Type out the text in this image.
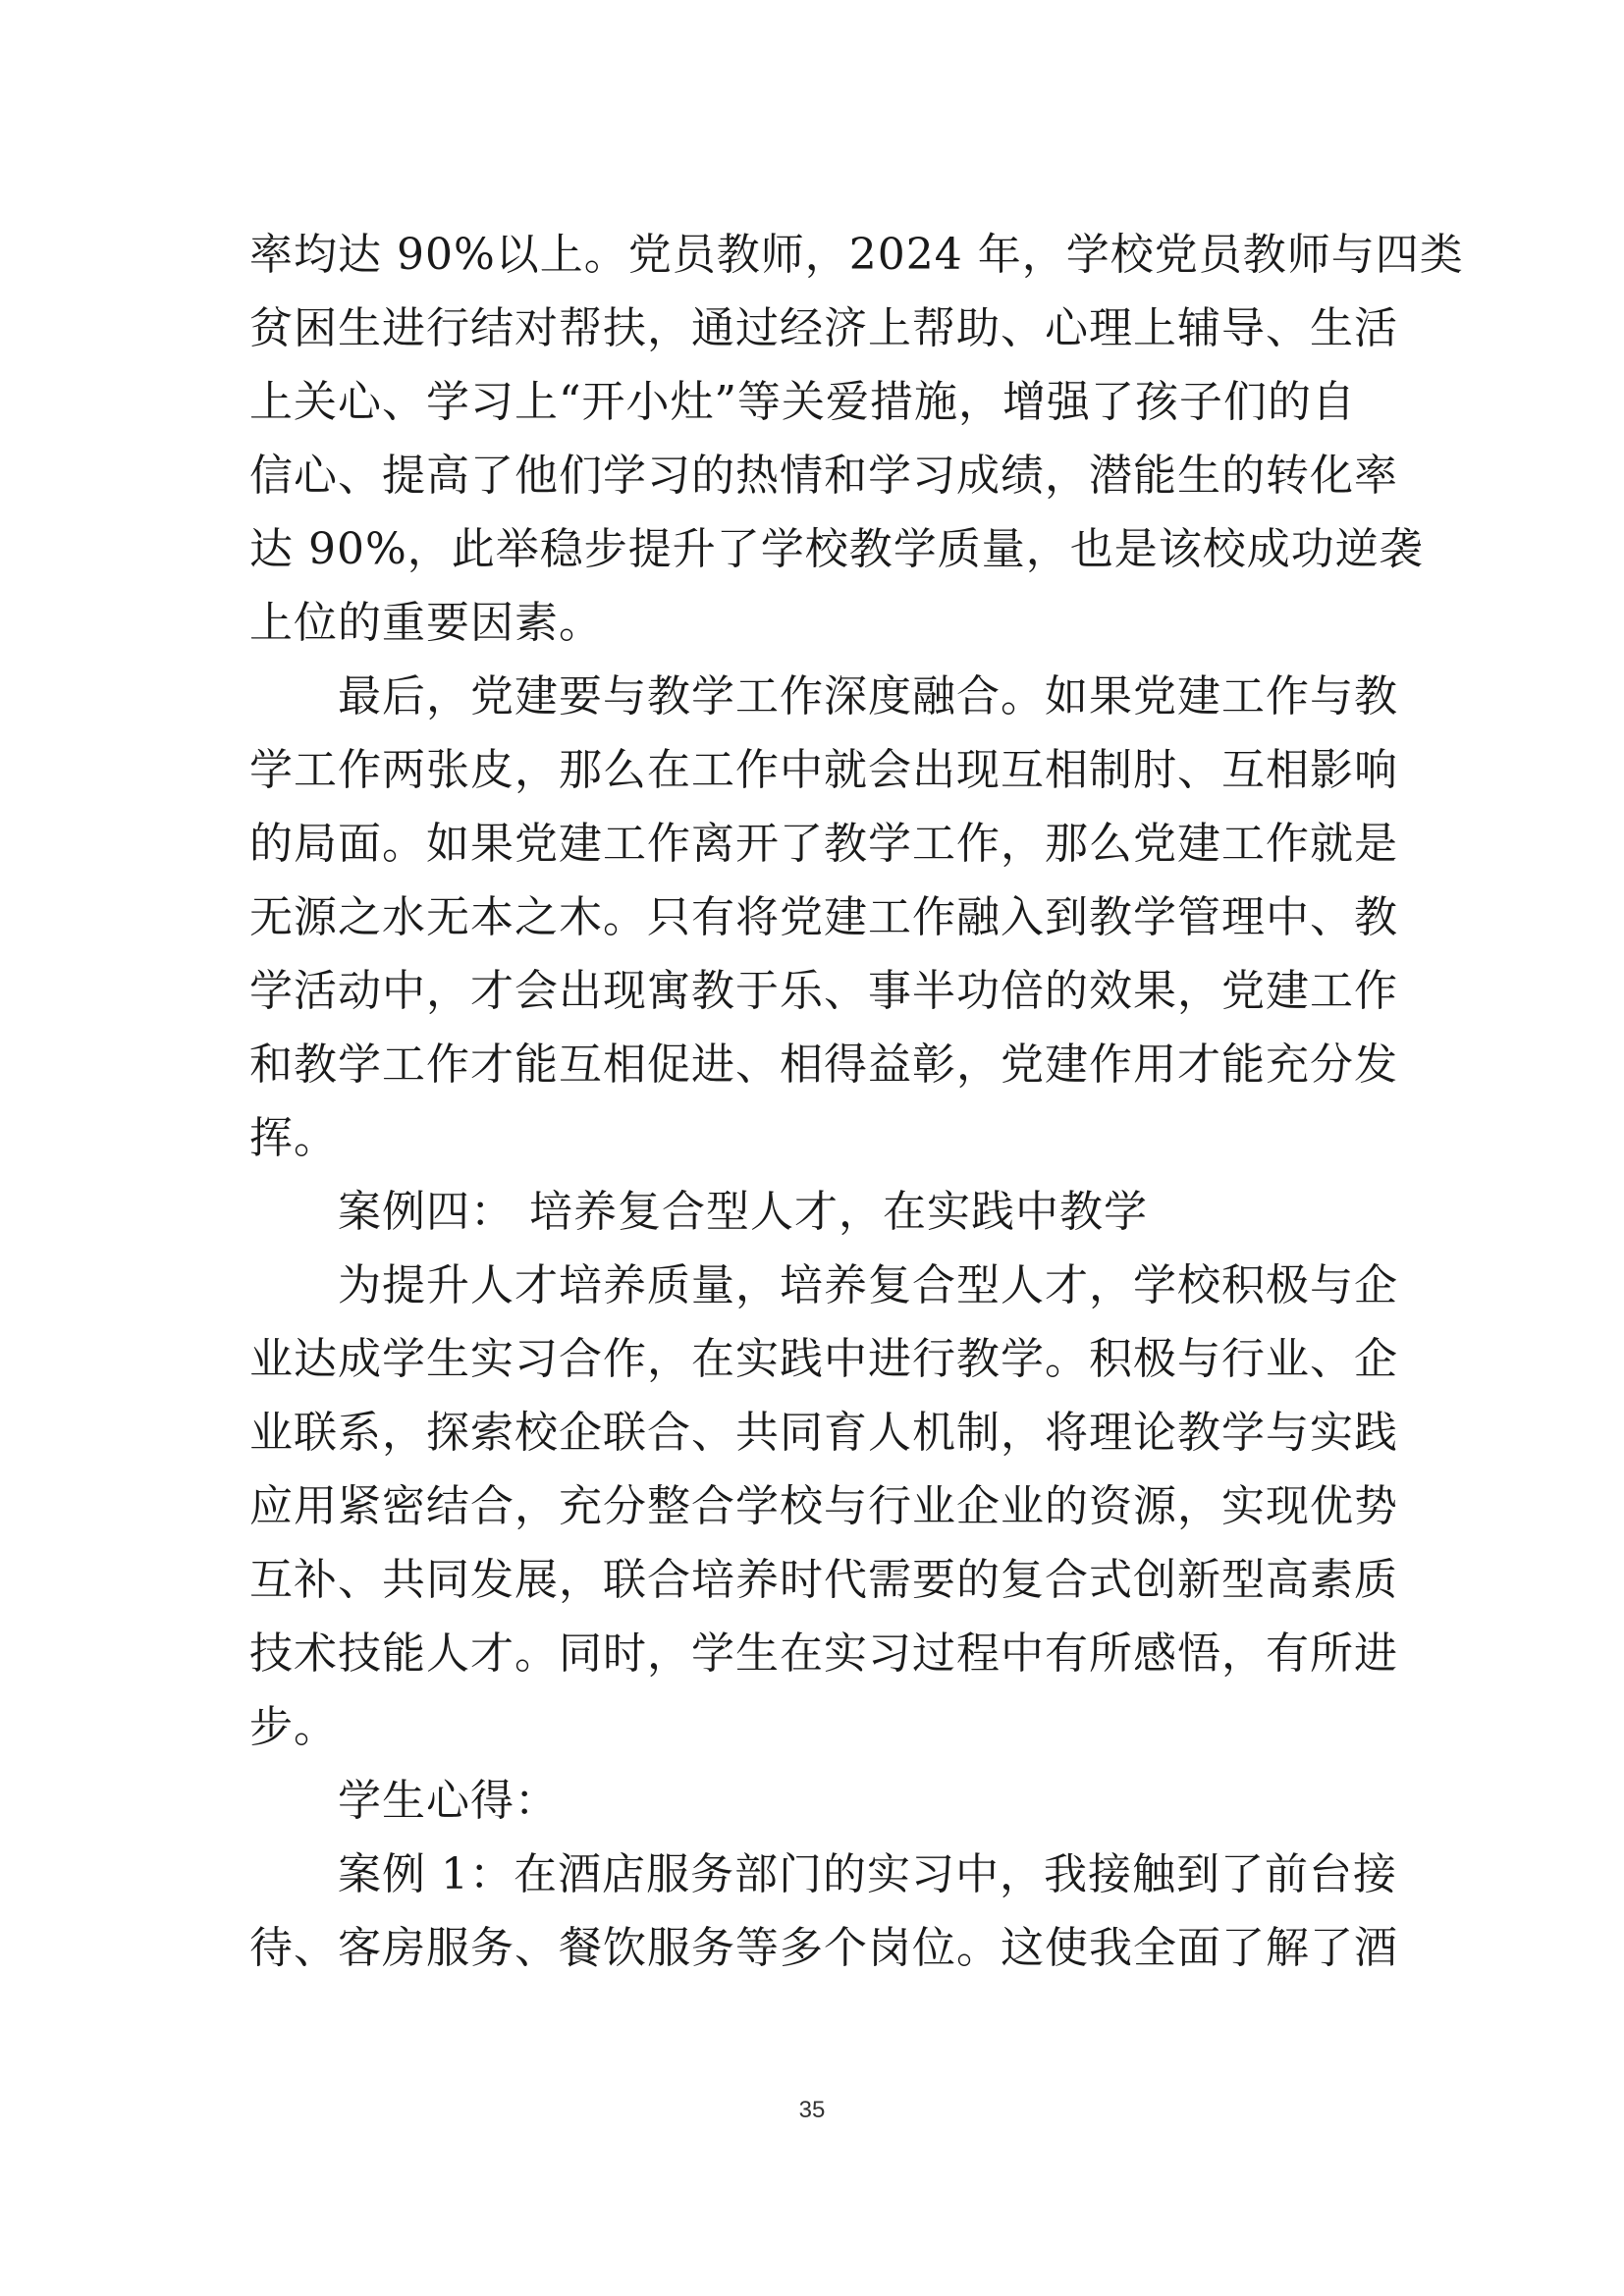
率均达 90%以上。党员教师，2024 年，学校党员教师与四类
贫困生进行结对帮扶，通过经济上帮助、心理上辅导、生活
上关心、学习上“开小灶”等关爱措施，增强了孩子们的自
信心、提高了他们学习的热情和学习成绩，潜能生的转化率
达 90%，此举稳步提升了学校教学质量，也是该校成功逆袭
上位的重要因素。
最后，党建要与教学工作深度融合。如果党建工作与教
学工作两张皮，那么在工作中就会出现互相制肘、互相影响
的局面。如果党建工作离开了教学工作，那么党建工作就是
无源之水无本之木。只有将党建工作融入到教学管理中、教
学活动中，才会出现寓教于乐、事半功倍的效果，党建工作
和教学工作才能互相促进、相得益彰，党建作用才能充分发
挥。
案例四： 培养复合型人才，在实践中教学
为提升人才培养质量，培养复合型人才，学校积极与企
业达成学生实习合作，在实践中进行教学。积极与行业、企
业联系，探索校企联合、共同育人机制，将理论教学与实践
应用紧密结合，充分整合学校与行业企业的资源，实现优势
互补、共同发展，联合培养时代需要的复合式创新型高素质
技术技能人才。同时，学生在实习过程中有所感悟，有所进
步。
学生心得：
案例 1：在酒店服务部门的实习中，我接触到了前台接
待、客房服务、餐饮服务等多个岗位。这使我全面了解了酒
35
